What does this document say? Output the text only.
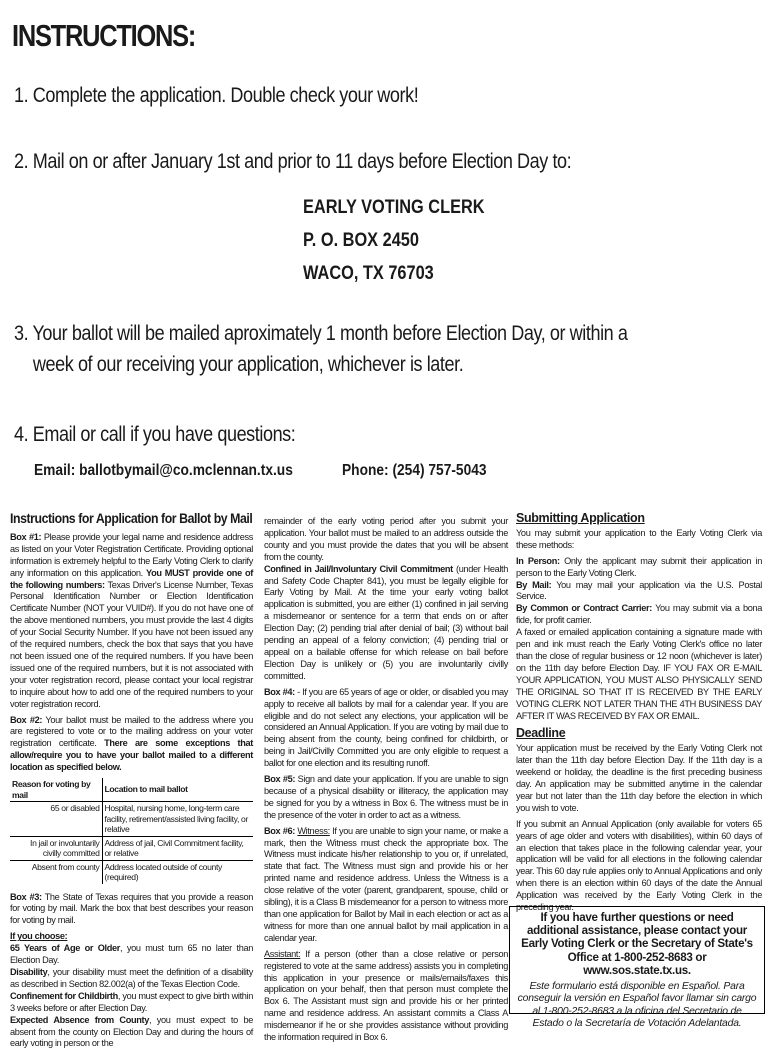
INSTRUCTIONS:
1. Complete the application. Double check your work!
2. Mail on or after January 1st and prior to 11 days before Election Day to:
EARLY VOTING CLERK
P. O. BOX 2450
WACO, TX 76703
3. Your ballot will be mailed aproximately 1 month before Election Day, or within a
week of our receiving your application, whichever is later.
4. Email or call if you have questions:
Email: ballotbymail@co.mclennan.tx.us	Phone: (254) 757-5043
Instructions for Application for Ballot by Mail

Box #1: Please provide your legal name and residence address as listed on your Voter Registration Certificate. Providing optional information is extremely helpful to the Early Voting Clerk to clarify any information on this application. You MUST provide one of the following numbers: Texas Driver's License Number, Texas Personal Identification Number or Election Identification Certificate Number (NOT your VUID#). If you do not have one of the above mentioned numbers, you must provide the last 4 digits of your Social Security Number. If you have not been issued any of the required numbers, check the box that says that you have not been issued one of the required numbers. If you have been issued one of the required numbers, but it is not associated with your voter registration record, please contact your local registrar to inquire about how to add one of the required numbers to your voter registration record.

Box #2: Your ballot must be mailed to the address where you are registered to vote or to the mailing address on your voter registration certificate. There are some exceptions that allow/require you to have your ballot mailed to a different location as specified below.

Reason for voting by mail	Location to mail ballot
65 or disabled	Hospital, nursing home, long-term care facility, retirement/assisted living facility, or relative
In jail or involuntarily civilly committed	Address of jail, Civil Commitment facility, or relative
Absent from county	Address located outside of county (required)

Box #3: The State of Texas requires that you provide a reason for voting by mail. Mark the box that best describes your reason for voting by mail.

If you choose:

65 Years of Age or Older, you must turn 65 no later than Election Day.

Disability, your disability must meet the definition of a disability as described in Section 82.002(a) of the Texas Election Code.

Confinement for Childbirth, you must expect to give birth within 3 weeks before or after Election Day.

Expected Absence from County, you must expect to be absent from the county on Election Day and during the hours of early voting in person or the

remainder of the early voting period after you submit your application. Your ballot must be mailed to an address outside the county and you must provide the dates that you will be absent from the county.

Confined in Jail/Involuntary Civil Commitment (under Health and Safety Code Chapter 841), you must be legally eligible for Early Voting by Mail. At the time your early voting ballot application is submitted, you are either (1) confined in jail serving a misdemeanor or sentence for a term that ends on or after Election Day; (2) pending trial after denial of bail; (3) without bail pending an appeal of a felony conviction; (4) pending trial or appeal on a bailable offense for which release on bail before Election Day is unlikely or (5) you are involuntarily civilly committed.

Box #4: - If you are 65 years of age or older, or disabled you may apply to receive all ballots by mail for a calendar year. If you are eligible and do not select any elections, your application will be considered an Annual Application. If you are voting by mail due to being absent from the county, being confined for childbirth, or being in Jail/Civilly Committed you are only eligible to request a ballot for one election and its resulting runoff.

Box #5: Sign and date your application. If you are unable to sign because of a physical disability or illiteracy, the application may be signed for you by a witness in Box 6. The witness must be in the presence of the voter in order to act as a witness.

Box #6: Witness: If you are unable to sign your name, or make a mark, then the Witness must check the appropriate box. The Witness must indicate his/her relationship to you or, if unrelated, state that fact. The Witness must sign and provide his or her printed name and residence address. Unless the Witness is a close relative of the voter (parent, grandparent, spouse, child or sibling), it is a Class B misdemeanor for a person to witness more than one application for Ballot by Mail in each election or act as a witness for more than one annual ballot by mail application in a calendar year.

Assistant: If a person (other than a close relative or person registered to vote at the same address) assists you in completing this application in your presence or mails/emails/faxes this application on your behalf, then that person must complete the Box 6. The Assistant must sign and provide his or her printed name and residence address. An assistant commits a Class A misdemeanor if he or she provides assistance without providing the information required in Box 6.

Submitting Application

You may submit your application to the Early Voting Clerk via these methods:

In Person: Only the applicant may submit their application in person to the Early Voting Clerk.

By Mail: You may mail your application via the U.S. Postal Service.

By Common or Contract Carrier: You may submit via a bona fide, for profit carrier.

A faxed or emailed application containing a signature made with pen and ink must reach the Early Voting Clerk's office no later than the close of regular business or 12 noon (whichever is later) on the 11th day before Election Day. IF YOU FAX OR E-MAIL YOUR APPLICATION, YOU MUST ALSO PHYSICALLY SEND THE ORIGINAL SO THAT IT IS RECEIVED BY THE EARLY VOTING CLERK NOT LATER THAN THE 4TH BUSINESS DAY AFTER IT WAS RECEIVED BY FAX OR EMAIL.

Deadline

Your application must be received by the Early Voting Clerk not later than the 11th day before Election Day. If the 11th day is a weekend or holiday, the deadline is the first preceding business day. An application may be submitted anytime in the calendar year but not later than the 11th day before the election in which you wish to vote.

If you submit an Annual Application (only available for voters 65 years of age older and voters with disabilities), within 60 days of an election that takes place in the following calendar year, your application will be valid for all elections in the following calendar year. This 60 day rule applies only to Annual Applications and only when there is an election within 60 days of the date the Annual Application was received by the Early Voting Clerk in the preceding year.

If you have further questions or need additional assistance, please contact your Early Voting Clerk or the Secretary of State's Office at 1-800-252-8683 or www.sos.state.tx.us.
Este formulario está disponible en Español. Para conseguir la versión en Español favor llamar sin cargo al 1-800-252-8683 a la oficina del Secretario de Estado o la Secretaría de Votación Adelantada.
